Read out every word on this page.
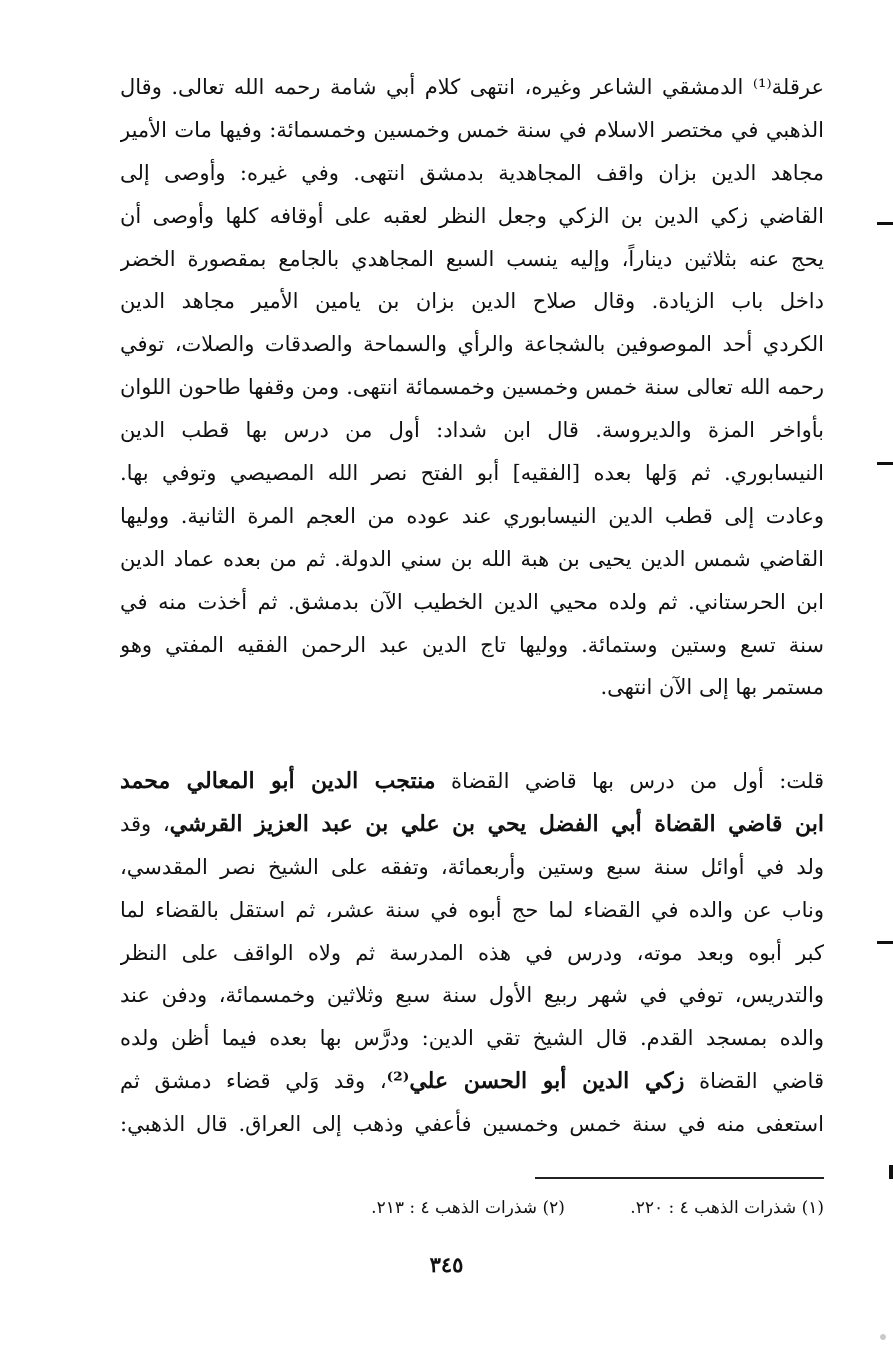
عرقلة⁽¹⁾ الدمشقي الشاعر وغيره، انتهى كلام أبي شامة رحمه الله تعالى. وقال
الذهبي في مختصر الاسلام في سنة خمس وخمسين وخمسمائة: وفيها مات الأمير
مجاهد الدين بزان واقف المجاهدية بدمشق انتهى. وفي غيره: وأوصى إلى
القاضي زكي الدين بن الزكي وجعل النظر لعقبه على أوقافه كلها وأوصى أن
يحج عنه بثلاثين ديناراً، وإليه ينسب السبع المجاهدي بالجامع بمقصورة الخضر
داخل باب الزيادة. وقال صلاح الدين بزان بن يامين الأمير مجاهد الدين
الكردي أحد الموصوفين بالشجاعة والرأي والسماحة والصدقات والصلات، توفي
رحمه الله تعالى سنة خمس وخمسين وخمسمائة انتهى. ومن وقفها طاحون اللوان
بأواخر المزة والديروسة. قال ابن شداد: أول من درس بها قطب الدين
النيسابوري. ثم وَلها بعده [الفقيه] أبو الفتح نصر الله المصيصي وتوفي بها.
وعادت إلى قطب الدين النيسابوري عند عوده من العجم المرة الثانية. ووليها
القاضي شمس الدين يحيى بن هبة الله بن سني الدولة. ثم من بعده عماد الدين
ابن الحرستاني. ثم ولده محيي الدين الخطيب الآن بدمشق. ثم أخذت منه في
سنة تسع وستين وستمائة. ووليها تاج الدين عبد الرحمن الفقيه المفتي وهو
مستمر بها إلى الآن انتهى.
قلت: أول من درس بها قاضي القضاة منتجب الدين أبو المعالي محمد
ابن قاضي القضاة أبي الفضل يحي بن علي بن عبد العزيز القرشي، وقد
ولد في أوائل سنة سبع وستين وأربعمائة، وتفقه على الشيخ نصر المقدسي،
وناب عن والده في القضاء لما حج أبوه في سنة عشر، ثم استقل بالقضاء لما
كبر أبوه وبعد موته، ودرس في هذه المدرسة ثم ولاه الواقف على النظر
والتدريس، توفي في شهر ربيع الأول سنة سبع وثلاثين وخمسمائة، ودفن عند
والده بمسجد القدم. قال الشيخ تقي الدين: ودرَّس بها بعده فيما أظن ولده
قاضي القضاة زكي الدين أبو الحسن علي⁽²⁾، وقد وَلي قضاء دمشق ثم
استعفى منه في سنة خمس وخمسين فأعفي وذهب إلى العراق. قال الذهبي:
(١) شذرات الذهب ٤ : ٢٢٠. (٢) شذرات الذهب ٤ : ٢١٣.
٣٤٥
